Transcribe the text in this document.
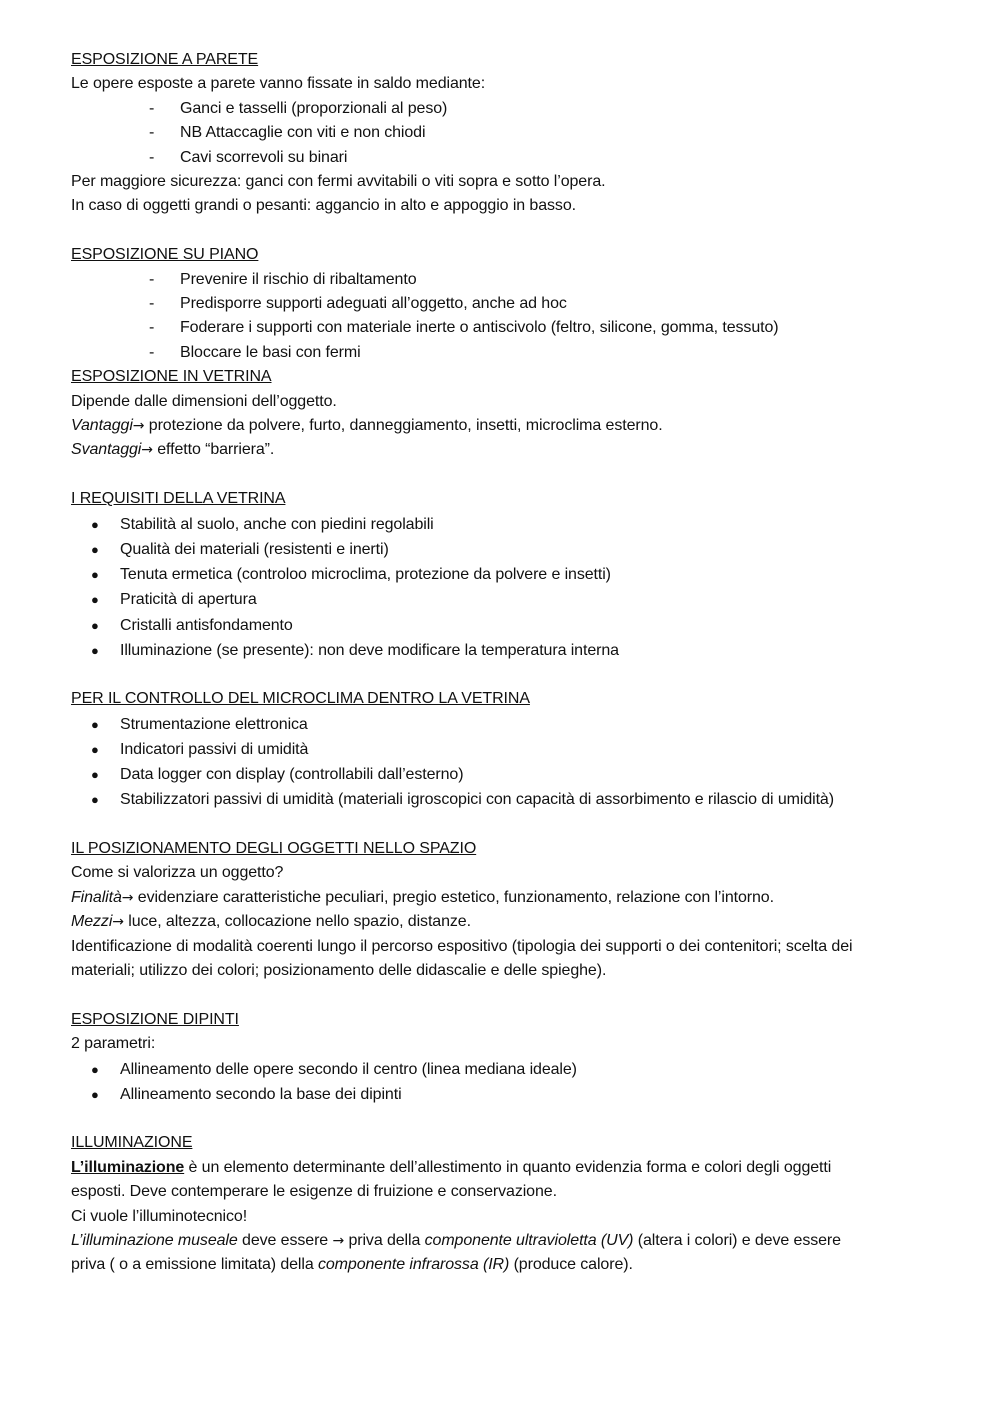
ESPOSIZIONE A PARETE

Le opere esposte a parete vanno fissate in saldo mediante:

- Ganci e tasselli (proporzionali al peso)
- NB Attaccaglie con viti e non chiodi
- Cavi scorrevoli su binari

Per maggiore sicurezza: ganci con fermi avvitabili o viti sopra e sotto l’opera.

In caso di oggetti grandi o pesanti: aggancio in alto e appoggio in basso.

ESPOSIZIONE SU PIANO

- Prevenire il rischio di ribaltamento
- Predisporre supporti adeguati all’oggetto, anche ad hoc
- Foderare i supporti con materiale inerte o antiscivolo (feltro, silicone, gomma, tessuto)
- Bloccare le basi con fermi

ESPOSIZIONE IN VETRINA

Dipende dalle dimensioni dell’oggetto.

Vantaggi→ protezione da polvere, furto, danneggiamento, insetti, microclima esterno.

Svantaggi→ effetto “barriera”.

I REQUISITI DELLA VETRINA

● Stabilità al suolo, anche con piedini regolabili
● Qualità dei materiali (resistenti e inerti)
● Tenuta ermetica (controloo microclima, protezione da polvere e insetti)
● Praticità di apertura
● Cristalli antisfondamento
● Illuminazione (se presente): non deve modificare la temperatura interna

PER IL CONTROLLO DEL MICROCLIMA DENTRO LA VETRINA

● Strumentazione elettronica
● Indicatori passivi di umidità
● Data logger con display (controllabili dall’esterno)
● Stabilizzatori passivi di umidità (materiali igroscopici con capacità di assorbimento e rilascio di umidità)

IL POSIZIONAMENTO DEGLI OGGETTI NELLO SPAZIO

Come si valorizza un oggetto?

Finalità→ evidenziare caratteristiche peculiari, pregio estetico, funzionamento, relazione con l’intorno.

Mezzi→ luce, altezza, collocazione nello spazio, distanze.

Identificazione di modalità coerenti lungo il percorso espositivo (tipologia dei supporti o dei contenitori; scelta dei materiali; utilizzo dei colori; posizionamento delle didascalie e delle spieghe).

ESPOSIZIONE DIPINTI

2 parametri:

● Allineamento delle opere secondo il centro (linea mediana ideale)
● Allineamento secondo la base dei dipinti

ILLUMINAZIONE

L’illuminazione è un elemento determinante dell’allestimento in quanto evidenzia forma e colori degli oggetti esposti. Deve contemperare le esigenze di fruizione e conservazione.

Ci vuole l’illuminotecnico!

L’illuminazione museale deve essere → priva della componente ultravioletta (UV) (altera i colori) e deve essere priva ( o a emissione limitata) della componente infrarossa (IR) (produce calore).
